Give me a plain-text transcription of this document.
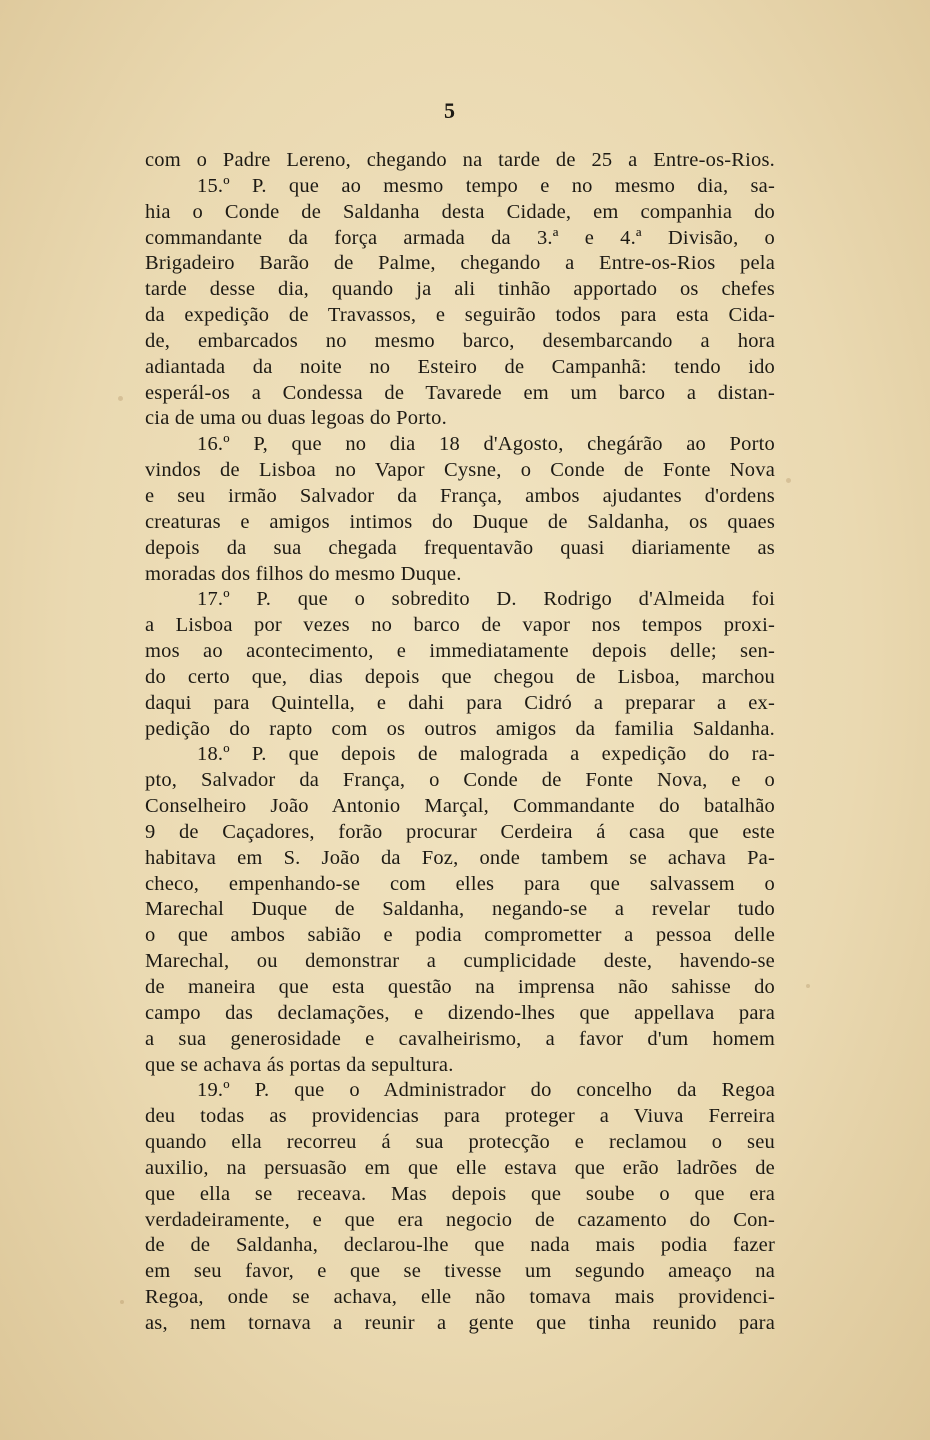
5
com o Padre Lereno, chegando na tarde de 25 a Entre-os-Rios.
15.º P. que ao mesmo tempo e no mesmo dia, sa-
hia o Conde de Saldanha desta Cidade, em companhia do
commandante da força armada da 3.ª e 4.ª Divisão, o
Brigadeiro Barão de Palme, chegando a Entre-os-Rios pela
tarde desse dia, quando ja ali tinhão apportado os chefes
da expedição de Travassos, e seguirão todos para esta Cida-
de, embarcados no mesmo barco, desembarcando a hora
adiantada da noite no Esteiro de Campanhã: tendo ido
esperál-os a Condessa de Tavarede em um barco a distan-
cia de uma ou duas legoas do Porto.
16.º P, que no dia 18 d'Agosto, chegárão ao Porto
vindos de Lisboa no Vapor Cysne, o Conde de Fonte Nova
e seu irmão Salvador da França, ambos ajudantes d'ordens
creaturas e amigos intimos do Duque de Saldanha, os quaes
depois da sua chegada frequentavão quasi diariamente as
moradas dos filhos do mesmo Duque.
17.º P. que o sobredito D. Rodrigo d'Almeida foi
a Lisboa por vezes no barco de vapor nos tempos proxi-
mos ao acontecimento, e immediatamente depois delle; sen-
do certo que, dias depois que chegou de Lisboa, marchou
daqui para Quintella, e dahi para Cidró a preparar a ex-
pedição do rapto com os outros amigos da familia Saldanha.
18.º P. que depois de malograda a expedição do ra-
pto, Salvador da França, o Conde de Fonte Nova, e o
Conselheiro João Antonio Marçal, Commandante do batalhão
9 de Caçadores, forão procurar Cerdeira á casa que este
habitava em S. João da Foz, onde tambem se achava Pa-
checo, empenhando-se com elles para que salvassem o
Marechal Duque de Saldanha, negando-se a revelar tudo
o que ambos sabião e podia comprometter a pessoa delle
Marechal, ou demonstrar a cumplicidade deste, havendo-se
de maneira que esta questão na imprensa não sahisse do
campo das declamações, e dizendo-lhes que appellava para
a sua generosidade e cavalheirismo, a favor d'um homem
que se achava ás portas da sepultura.
19.º P. que o Administrador do concelho da Regoa
deu todas as providencias para proteger a Viuva Ferreira
quando ella recorreu á sua protecção e reclamou o seu
auxilio, na persuasão em que elle estava que erão ladrões de
que ella se receava. Mas depois que soube o que era
verdadeiramente, e que era negocio de cazamento do Con-
de de Saldanha, declarou-lhe que nada mais podia fazer
em seu favor, e que se tivesse um segundo ameaço na
Regoa, onde se achava, elle não tomava mais providenci-
as, nem tornava a reunir a gente que tinha reunido para
